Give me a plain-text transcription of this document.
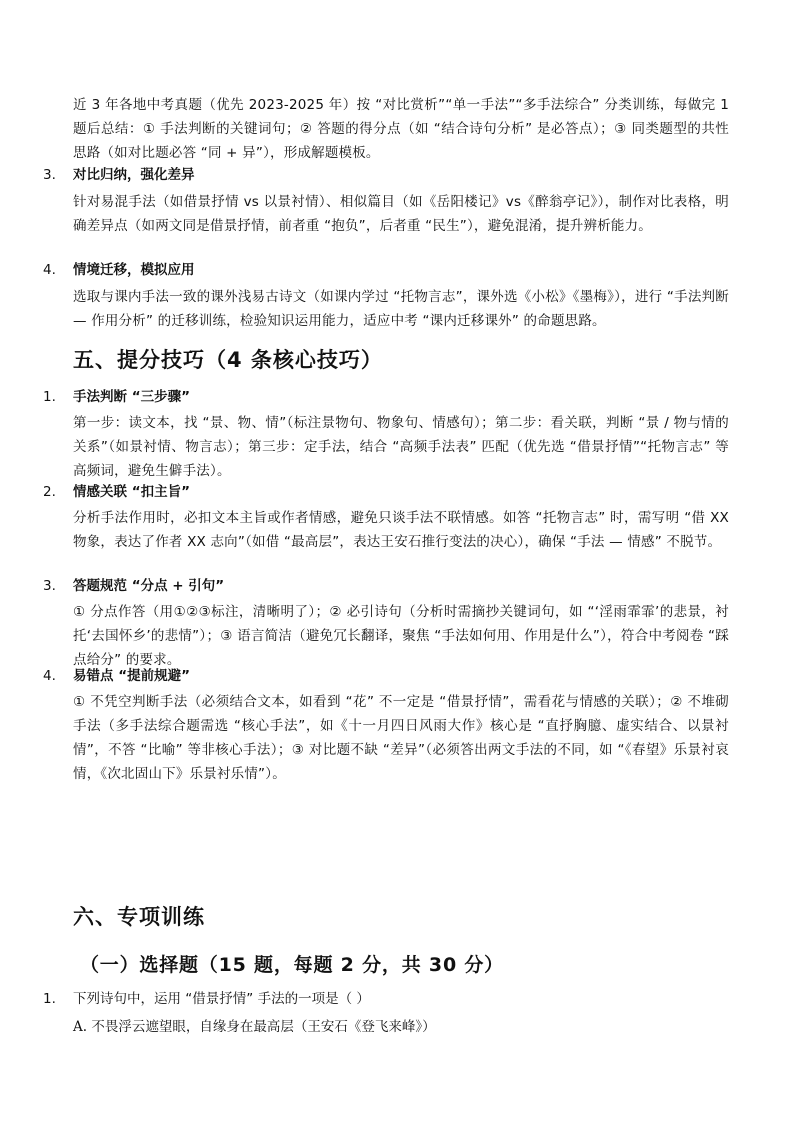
近 3 年各地中考真题（优先 2023-2025 年）按 “对比赏析”“单一手法”“多手法综合” 分类训练，每做完 1 题后总结：① 手法判断的关键词句；② 答题的得分点（如 “结合诗句分析” 是必答点）；③ 同类题型的共性思路（如对比题必答 “同 + 异”），形成解题模板。

3. 对比归纳，强化差异

针对易混手法（如借景抒情 vs 以景衬情）、相似篇目（如《岳阳楼记》vs《醉翁亭记》），制作对比表格，明确差异点（如两文同是借景抒情，前者重 “抱负”，后者重 “民生”），避免混淆，提升辨析能力。

4. 情境迁移，模拟应用

选取与课内手法一致的课外浅易古诗文（如课内学过 “托物言志”，课外选《小松》《墨梅》），进行 “手法判断 — 作用分析” 的迁移训练，检验知识运用能力，适应中考 “课内迁移课外” 的命题思路。

五、提分技巧（4 条核心技巧）
1. 手法判断 “三步骤”

第一步：读文本，找 “景、物、情”（标注景物句、物象句、情感句）；第二步：看关联，判断 “景 / 物与情的关系”（如景衬情、物言志）；第三步：定手法，结合 “高频手法表” 匹配（优先选 “借景抒情”“托物言志” 等高频词，避免生僻手法）。

2. 情感关联 “扣主旨”

分析手法作用时，必扣文本主旨或作者情感，避免只谈手法不联情感。如答 “托物言志” 时，需写明 “借 XX 物象，表达了作者 XX 志向”（如借 “最高层”，表达王安石推行变法的决心），确保 “手法 — 情感” 不脱节。

3. 答题规范 “分点 + 引句”

① 分点作答（用①②③标注，清晰明了）；② 必引诗句（分析时需摘抄关键词句，如 “‘淫雨霏霏’的悲景，衬托‘去国怀乡’的悲情”）；③ 语言简洁（避免冗长翻译，聚焦 “手法如何用、作用是什么”），符合中考阅卷 “踩点给分” 的要求。

4. 易错点 “提前规避”

① 不凭空判断手法（必须结合文本，如看到 “花” 不一定是 “借景抒情”，需看花与情感的关联）；② 不堆砌手法（多手法综合题需选 “核心手法”，如《十一月四日风雨大作》核心是 “直抒胸臆、虚实结合、以景衬情”，不答 “比喻” 等非核心手法）；③ 对比题不缺 “差异”（必须答出两文手法的不同，如 “《春望》乐景衬哀情，《次北固山下》乐景衬乐情”）。

六、专项训练
（一）选择题（15 题，每题 2 分，共 30 分）
1. 下列诗句中，运用 “借景抒情” 手法的一项是（ ）
A. 不畏浮云遮望眼，自缘身在最高层（王安石《登飞来峰》）
